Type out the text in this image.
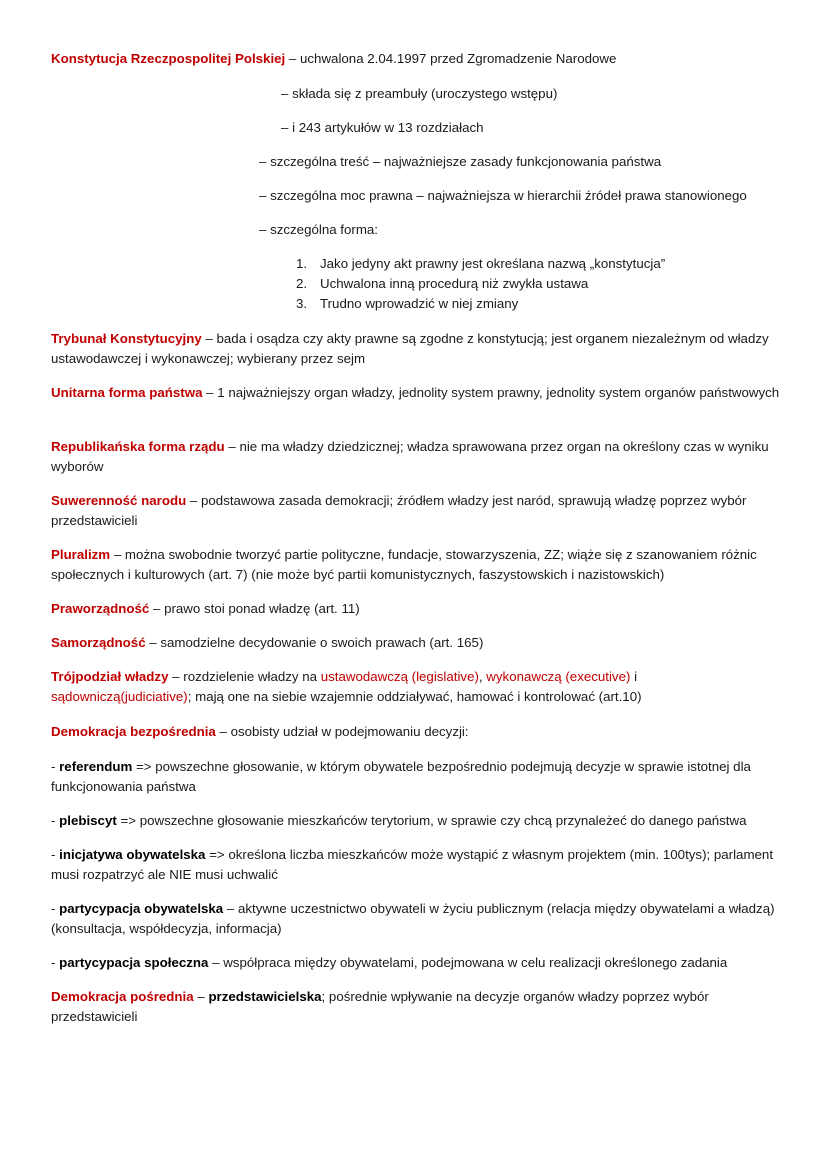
Konstytucja Rzeczpospolitej Polskiej – uchwalona 2.04.1997 przed Zgromadzenie Narodowe
– składa się z preambuły (uroczystego wstępu)
– i 243 artykułów w 13 rozdziałach
– szczególna treść – najważniejsze zasady funkcjonowania państwa
– szczególna moc prawna – najważniejsza w hierarchii źródeł prawa stanowionego
– szczególna forma:
1. Jako jedyny akt prawny jest określana nazwą „konstytucja”
2. Uchwalona inną procedurą niż zwykła ustawa
3. Trudno wprowadzić w niej zmiany
Trybunał Konstytucyjny – bada i osądza czy akty prawne są zgodne z konstytucją; jest organem niezależnym od władzy ustawodawczej i wykonawczej; wybierany przez sejm
Unitarna forma państwa – 1 najważniejszy organ władzy, jednolity system prawny, jednolity system organów państwowych
Republikańska forma rządu – nie ma władzy dziedzicznej; władza sprawowana przez organ na określony czas w wyniku wyborów
Suwerenność narodu – podstawowa zasada demokracji; źródłem władzy jest naród, sprawują władzę poprzez wybór przedstawicieli
Pluralizm – można swobodnie tworzyć partie polityczne, fundacje, stowarzyszenia, ZZ; wiąże się z szanowaniem różnic społecznych i kulturowych (art. 7) (nie może być partii komunistycznych, faszystowskich i nazistowskich)
Praworządność – prawo stoi ponad władzę (art. 11)
Samorządność – samodzielne decydowanie o swoich prawach (art. 165)
Trójpodział władzy – rozdzielenie władzy na ustawodawczą (legislative), wykonawczą (executive) i sądowniczą(judiciative); mają one na siebie wzajemnie oddziaływać, hamować i kontrolować (art.10)
Demokracja bezpośrednia – osobisty udział w podejmowaniu decyzji:
- referendum => powszechne głosowanie, w którym obywatele bezpośrednio podejmują decyzje w sprawie istotnej dla funkcjonowania państwa
- plebiscyt => powszechne głosowanie mieszkańców terytorium, w sprawie czy chcą przynależeć do danego państwa
- inicjatywa obywatelska => określona liczba mieszkańców może wystąpić z własnym projektem (min. 100tys); parlament musi rozpatrzyć ale NIE musi uchwalić
- partycypacja obywatelska – aktywne uczestnictwo obywateli w życiu publicznym (relacja między obywatelami a władzą) (konsultacja, współdecyzja, informacja)
- partycypacja społeczna – współpraca między obywatelami, podejmowana w celu realizacji określonego zadania
Demokracja pośrednia – przedstawicielska; pośrednie wpływanie na decyzje organów władzy poprzez wybór przedstawicieli
